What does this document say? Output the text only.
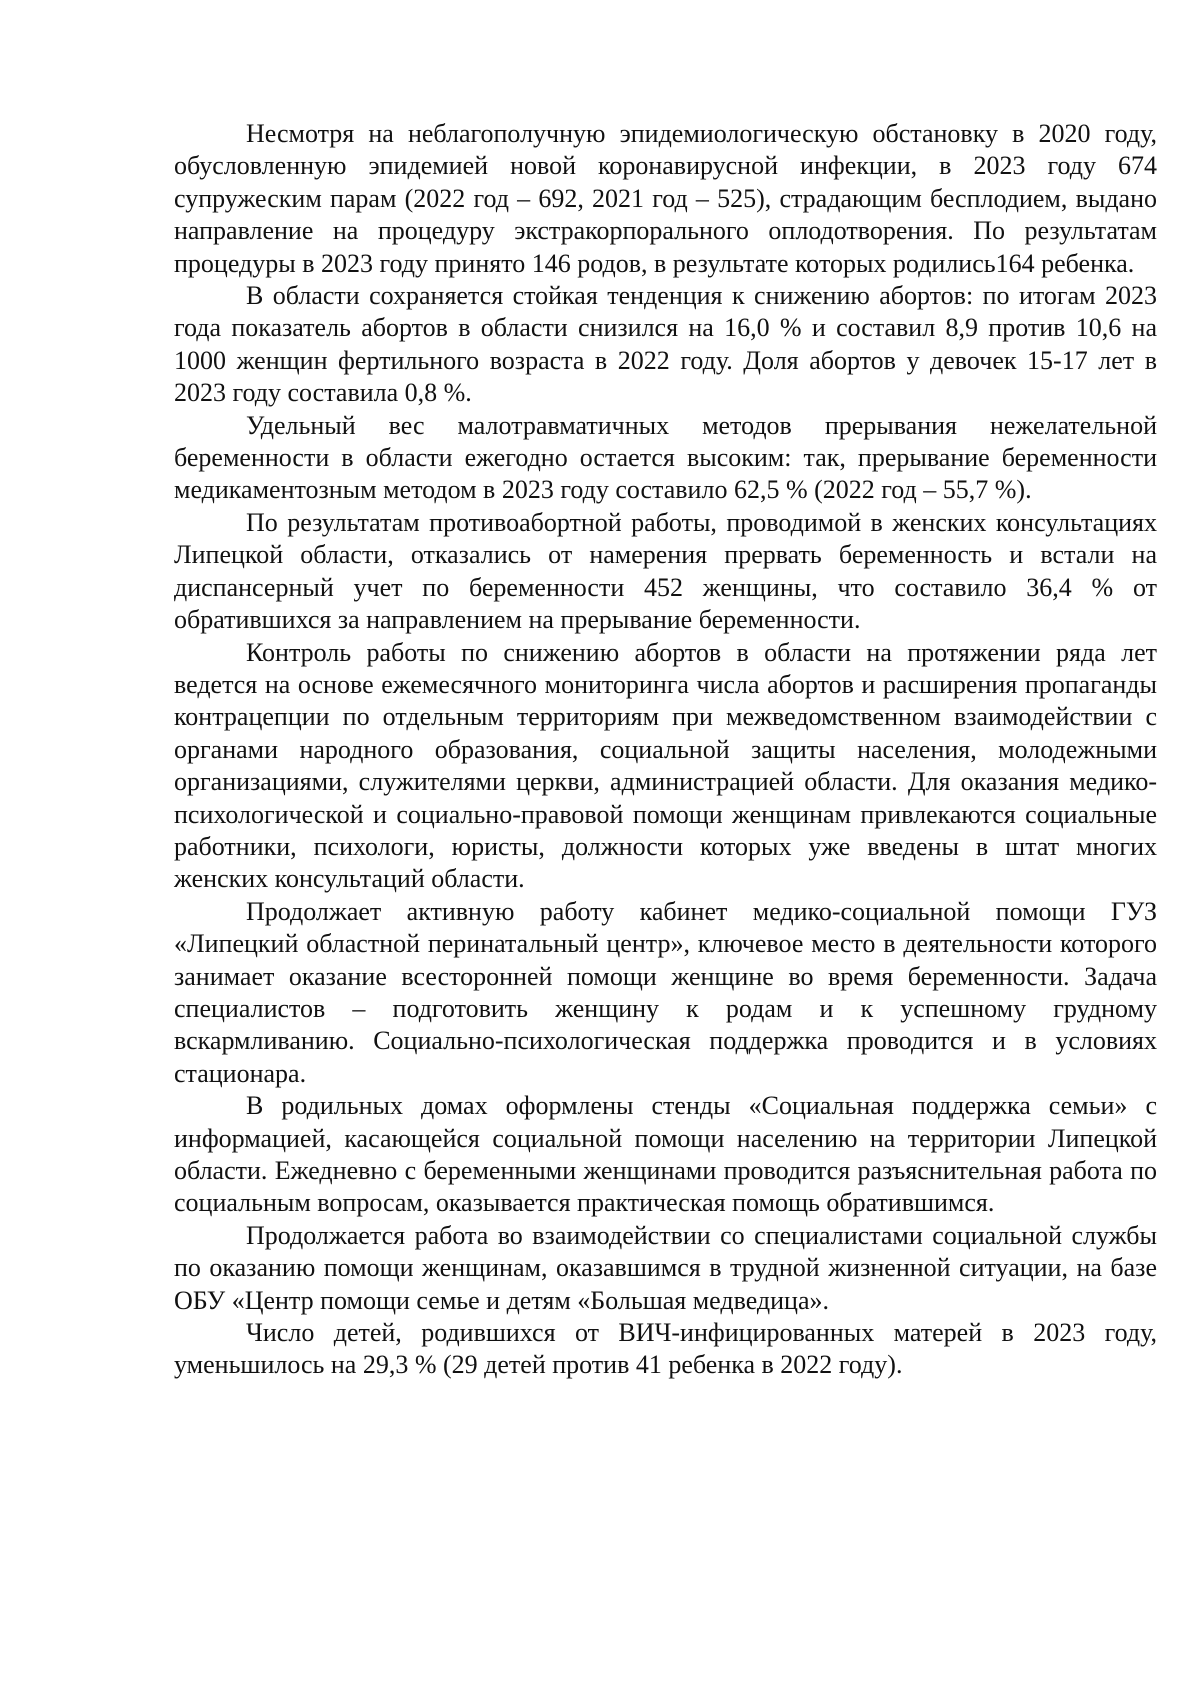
Несмотря на неблагополучную эпидемиологическую обстановку в 2020 году, обусловленную эпидемией новой коронавирусной инфекции, в 2023 году 674 супружеским парам (2022 год – 692, 2021 год – 525), страдающим бесплодием, выдано направление на процедуру экстракорпорального оплодотворения. По результатам процедуры в 2023 году принято 146 родов, в результате которых родились164 ребенка.

В области сохраняется стойкая тенденция к снижению абортов: по итогам 2023 года показатель абортов в области снизился на 16,0 % и составил 8,9 против 10,6 на 1000 женщин фертильного возраста в 2022 году. Доля абортов у девочек 15-17 лет в 2023 году составила 0,8 %.

Удельный вес малотравматичных методов прерывания нежелательной беременности в области ежегодно остается высоким: так, прерывание беременности медикаментозным методом в 2023 году составило 62,5 % (2022 год – 55,7 %).

По результатам противоабортной работы, проводимой в женских консультациях Липецкой области, отказались от намерения прервать беременность и встали на диспансерный учет по беременности 452 женщины, что составило 36,4 % от обратившихся за направлением на прерывание беременности.

Контроль работы по снижению абортов в области на протяжении ряда лет ведется на основе ежемесячного мониторинга числа абортов и расширения пропаганды контрацепции по отдельным территориям при межведомственном взаимодействии с органами народного образования, социальной защиты населения, молодежными организациями, служителями церкви, администрацией области. Для оказания медико-психологической и социально-правовой помощи женщинам привлекаются социальные работники, психологи, юристы, должности которых уже введены в штат многих женских консультаций области.

Продолжает активную работу кабинет медико-социальной помощи ГУЗ «Липецкий областной перинатальный центр», ключевое место в деятельности которого занимает оказание всесторонней помощи женщине во время беременности. Задача специалистов – подготовить женщину к родам и к успешному грудному вскармливанию. Социально-психологическая поддержка проводится и в условиях стационара.

В родильных домах оформлены стенды «Социальная поддержка семьи» с информацией, касающейся социальной помощи населению на территории Липецкой области. Ежедневно с беременными женщинами проводится разъяснительная работа по социальным вопросам, оказывается практическая помощь обратившимся.

Продолжается работа во взаимодействии со специалистами социальной службы по оказанию помощи женщинам, оказавшимся в трудной жизненной ситуации, на базе ОБУ «Центр помощи семье и детям «Большая медведица».

Число детей, родившихся от ВИЧ-инфицированных матерей в 2023 году, уменьшилось на 29,3 % (29 детей против 41 ребенка в 2022 году).
